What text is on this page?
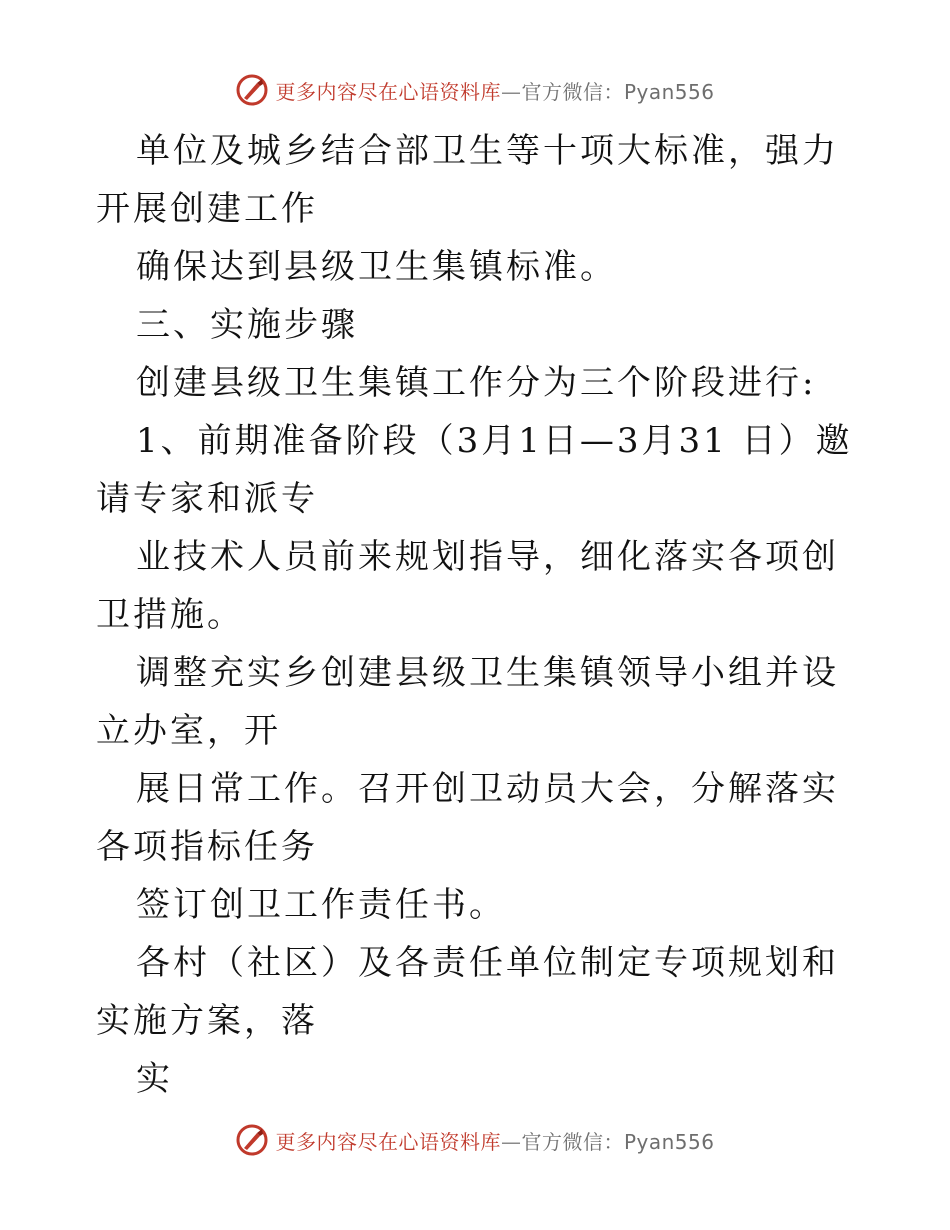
更多内容尽在心语资料库—官方微信：Pyan556

单位及城乡结合部卫生等十项大标准，强力开展创建工作

确保达到县级卫生集镇标准。

三、实施步骤

创建县级卫生集镇工作分为三个阶段进行:

1、前期准备阶段（3月1日—3月31 日）邀请专家和派专

业技术人员前来规划指导，细化落实各项创卫措施。

调整充实乡创建县级卫生集镇领导小组并设立办室，开

展日常工作。召开创卫动员大会，分解落实各项指标任务

签订创卫工作责任书。

各村（社区）及各责任单位制定专项规划和实施方案，落

实

更多内容尽在心语资料库—官方微信：Pyan556
